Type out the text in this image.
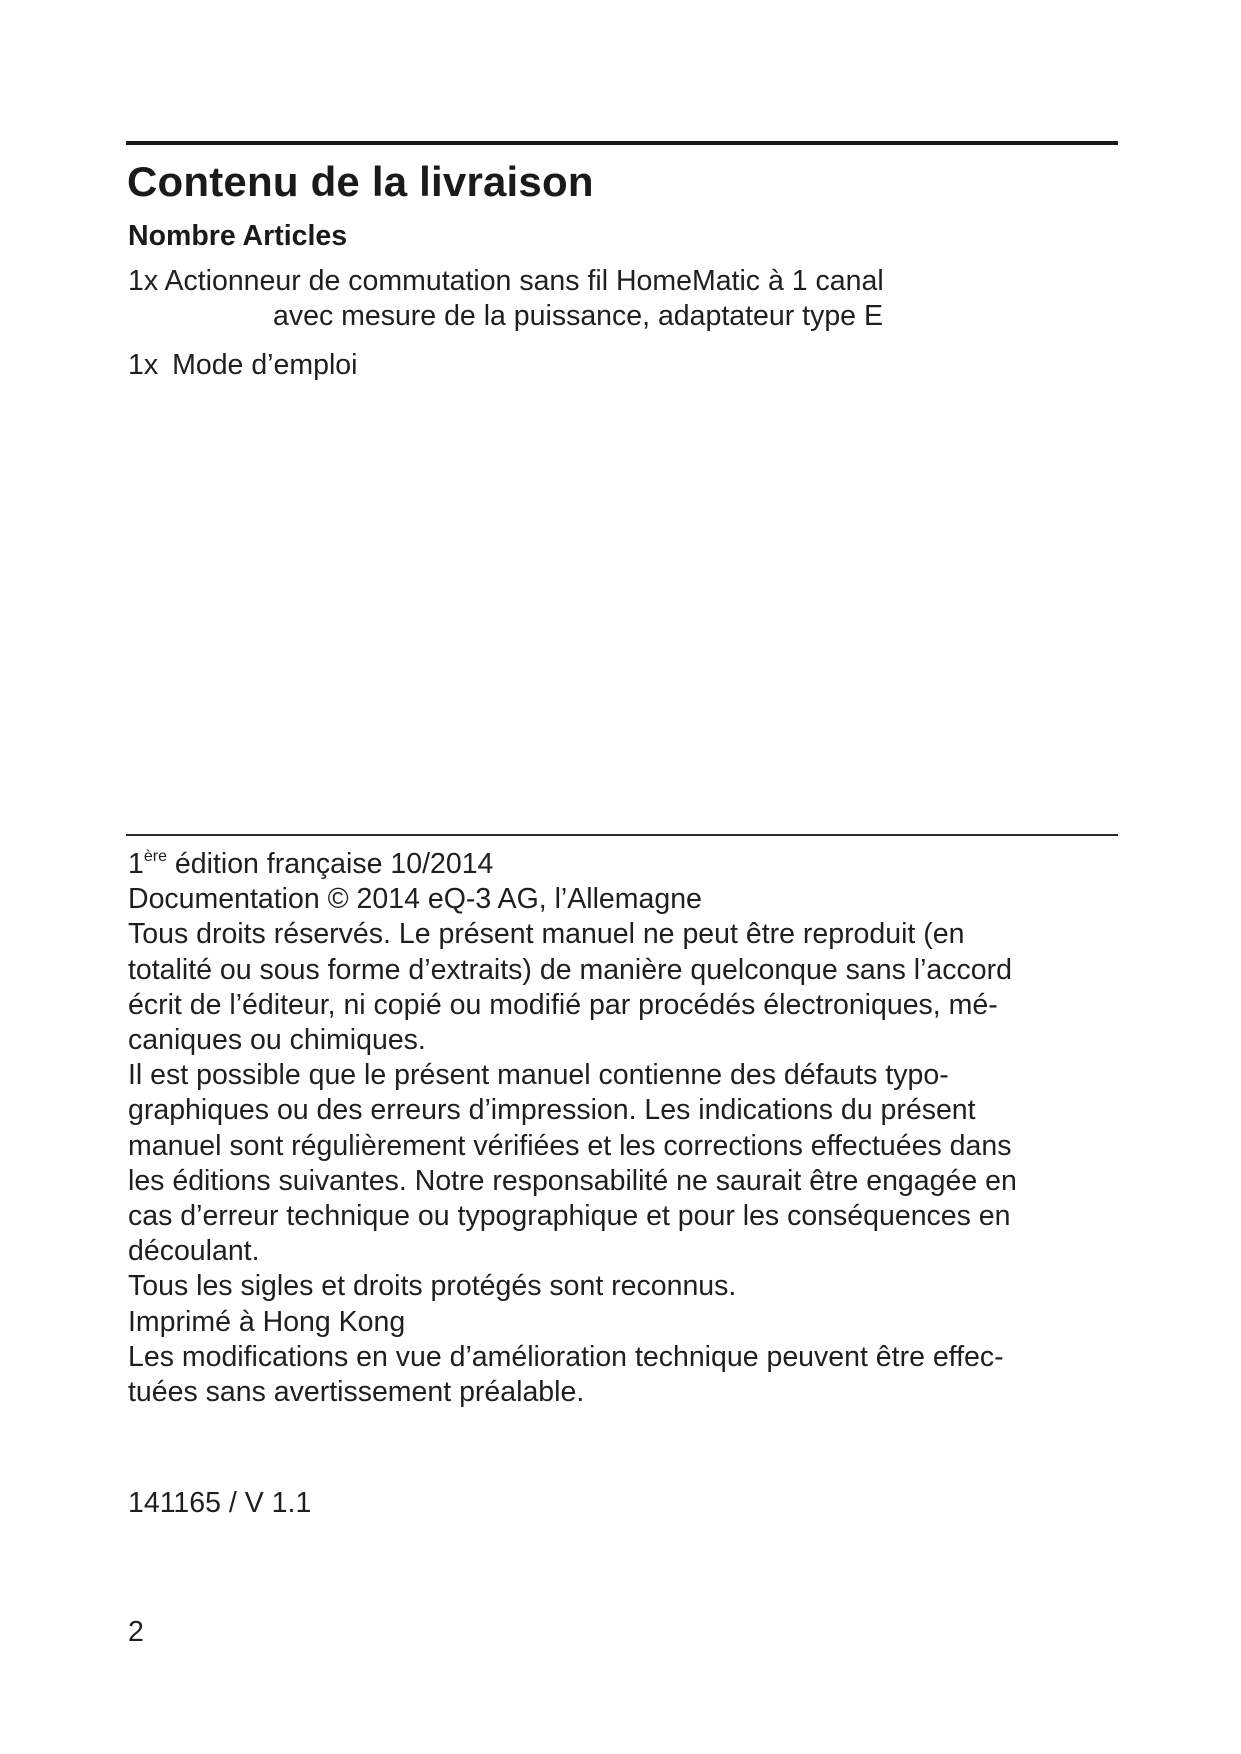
Contenu de la livraison
Nombre Articles
1x Actionneur de commutation sans fil HomeMatic à 1 canal
avec mesure de la puissance, adaptateur type E
1x Mode d’emploi
1ère édition française 10/2014
Documentation © 2014 eQ-3 AG, l’Allemagne
Tous droits réservés. Le présent manuel ne peut être reproduit (en
totalité ou sous forme d’extraits) de manière quelconque sans l’accord
écrit de l’éditeur, ni copié ou modifié par procédés électroniques, mé-
caniques ou chimiques.
Il est possible que le présent manuel contienne des défauts typo-
graphiques ou des erreurs d’impression. Les indications du présent
manuel sont régulièrement vérifiées et les corrections effectuées dans
les éditions suivantes. Notre responsabilité ne saurait être engagée en
cas d’erreur technique ou typographique et pour les conséquences en
découlant.
Tous les sigles et droits protégés sont reconnus.
Imprimé à Hong Kong
Les modifications en vue d’amélioration technique peuvent être effec-
tuées sans avertissement préalable.
141165 / V 1.1
2
